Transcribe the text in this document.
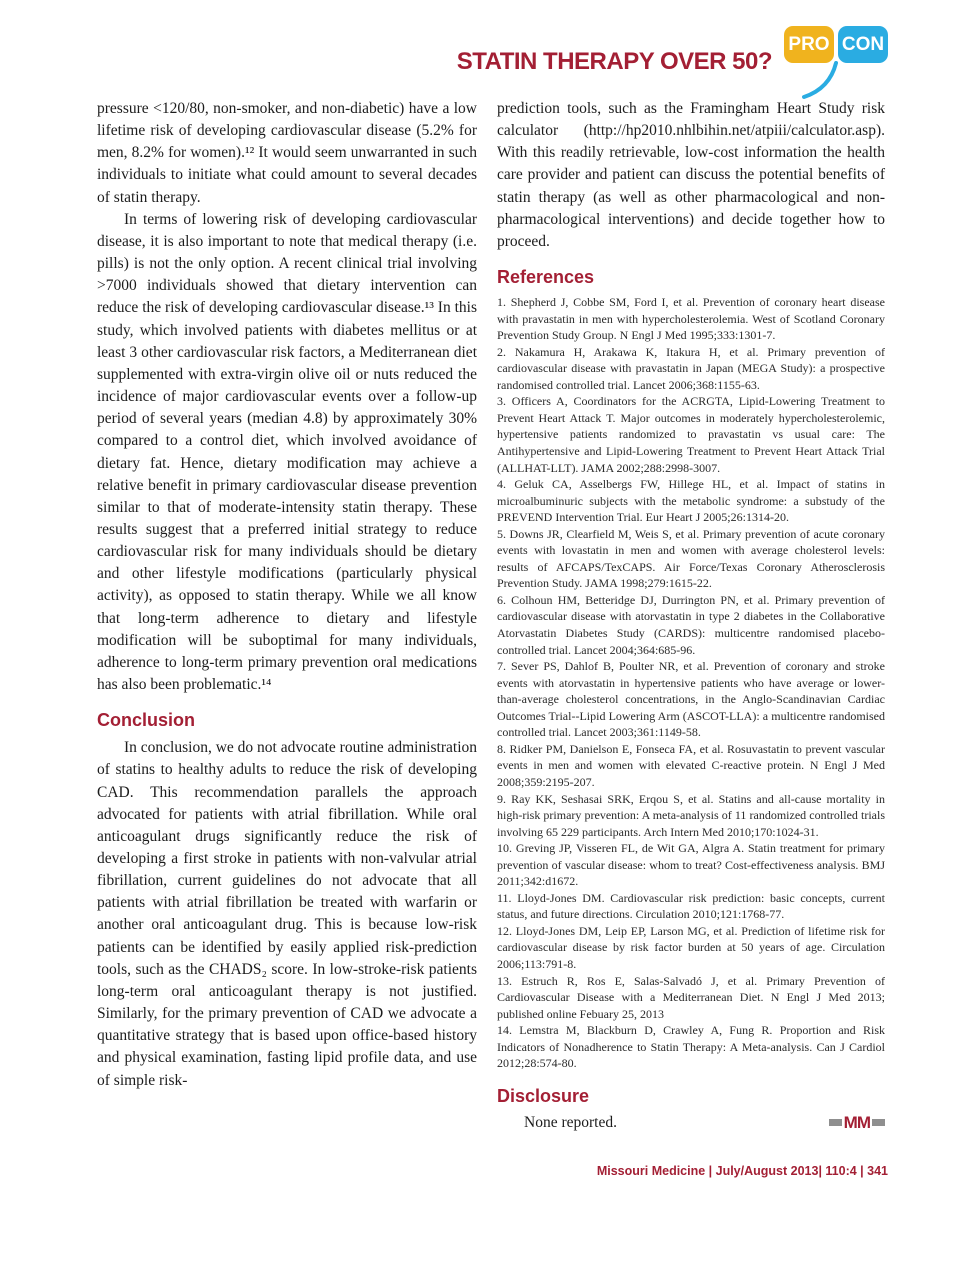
STATIN THERAPY OVER 50?
PRO CON

pressure <120/80, non-smoker, and non-diabetic) have a low lifetime risk of developing cardiovascular disease (5.2% for men, 8.2% for women).¹² It would seem unwarranted in such individuals to initiate what could amount to several decades of statin therapy.

In terms of lowering risk of developing cardiovascular disease, it is also important to note that medical therapy (i.e. pills) is not the only option. A recent clinical trial involving >7000 individuals showed that dietary intervention can reduce the risk of developing cardiovascular disease.¹³ In this study, which involved patients with diabetes mellitus or at least 3 other cardiovascular risk factors, a Mediterranean diet supplemented with extra-virgin olive oil or nuts reduced the incidence of major cardiovascular events over a follow-up period of several years (median 4.8) by approximately 30% compared to a control diet, which involved avoidance of dietary fat. Hence, dietary modification may achieve a relative benefit in primary cardiovascular disease prevention similar to that of moderate-intensity statin therapy. These results suggest that a preferred initial strategy to reduce cardiovascular risk for many individuals should be dietary and other lifestyle modifications (particularly physical activity), as opposed to statin therapy. While we all know that long-term adherence to dietary and lifestyle modification will be suboptimal for many individuals, adherence to long-term primary prevention oral medications has also been problematic.¹⁴

Conclusion

In conclusion, we do not advocate routine administration of statins to healthy adults to reduce the risk of developing CAD. This recommendation parallels the approach advocated for patients with atrial fibrillation. While oral anticoagulant drugs significantly reduce the risk of developing a first stroke in patients with non-valvular atrial fibrillation, current guidelines do not advocate that all patients with atrial fibrillation be treated with warfarin or another oral anticoagulant drug. This is because low-risk patients can be identified by easily applied risk-prediction tools, such as the CHADS₂ score. In low-stroke-risk patients long-term oral anticoagulant therapy is not justified. Similarly, for the primary prevention of CAD we advocate a quantitative strategy that is based upon office-based history and physical examination, fasting lipid profile data, and use of simple risk-

prediction tools, such as the Framingham Heart Study risk calculator (http://hp2010.nhlbihin.net/atpiii/calculator.asp). With this readily retrievable, low-cost information the health care provider and patient can discuss the potential benefits of statin therapy (as well as other pharmacological and non-pharmacological interventions) and decide together how to proceed.

References

1. Shepherd J, Cobbe SM, Ford I, et al. Prevention of coronary heart disease with pravastatin in men with hypercholesterolemia. West of Scotland Coronary Prevention Study Group. N Engl J Med 1995;333:1301-7.

2. Nakamura H, Arakawa K, Itakura H, et al. Primary prevention of cardiovascular disease with pravastatin in Japan (MEGA Study): a prospective randomised controlled trial. Lancet 2006;368:1155-63.

3. Officers A, Coordinators for the ACRGTA, Lipid-Lowering Treatment to Prevent Heart Attack T. Major outcomes in moderately hypercholesterolemic, hypertensive patients randomized to pravastatin vs usual care: The Antihypertensive and Lipid-Lowering Treatment to Prevent Heart Attack Trial (ALLHAT-LLT). JAMA 2002;288:2998-3007.

4. Geluk CA, Asselbergs FW, Hillege HL, et al. Impact of statins in microalbuminuric subjects with the metabolic syndrome: a substudy of the PREVEND Intervention Trial. Eur Heart J 2005;26:1314-20.

5. Downs JR, Clearfield M, Weis S, et al. Primary prevention of acute coronary events with lovastatin in men and women with average cholesterol levels: results of AFCAPS/TexCAPS. Air Force/Texas Coronary Atherosclerosis Prevention Study. JAMA 1998;279:1615-22.

6. Colhoun HM, Betteridge DJ, Durrington PN, et al. Primary prevention of cardiovascular disease with atorvastatin in type 2 diabetes in the Collaborative Atorvastatin Diabetes Study (CARDS): multicentre randomised placebo-controlled trial. Lancet 2004;364:685-96.

7. Sever PS, Dahlof B, Poulter NR, et al. Prevention of coronary and stroke events with atorvastatin in hypertensive patients who have average or lower-than-average cholesterol concentrations, in the Anglo-Scandinavian Cardiac Outcomes Trial--Lipid Lowering Arm (ASCOT-LLA): a multicentre randomised controlled trial. Lancet 2003;361:1149-58.

8. Ridker PM, Danielson E, Fonseca FA, et al. Rosuvastatin to prevent vascular events in men and women with elevated C-reactive protein. N Engl J Med 2008;359:2195-207.

9. Ray KK, Seshasai SRK, Erqou S, et al. Statins and all-cause mortality in high-risk primary prevention: A meta-analysis of 11 randomized controlled trials involving 65 229 participants. Arch Intern Med 2010;170:1024-31.

10. Greving JP, Visseren FL, de Wit GA, Algra A. Statin treatment for primary prevention of vascular disease: whom to treat? Cost-effectiveness analysis. BMJ 2011;342:d1672.

11. Lloyd-Jones DM. Cardiovascular risk prediction: basic concepts, current status, and future directions. Circulation 2010;121:1768-77.

12. Lloyd-Jones DM, Leip EP, Larson MG, et al. Prediction of lifetime risk for cardiovascular disease by risk factor burden at 50 years of age. Circulation 2006;113:791-8.

13. Estruch R, Ros E, Salas-Salvadó J, et al. Primary Prevention of Cardiovascular Disease with a Mediterranean Diet. N Engl J Med 2013; published online Febuary 25, 2013

14. Lemstra M, Blackburn D, Crawley A, Fung R. Proportion and Risk Indicators of Nonadherence to Statin Therapy: A Meta-analysis. Can J Cardiol 2012;28:574-80.

Disclosure

None reported.	MM
Missouri Medicine | July/August 2013| 110:4 | 341
